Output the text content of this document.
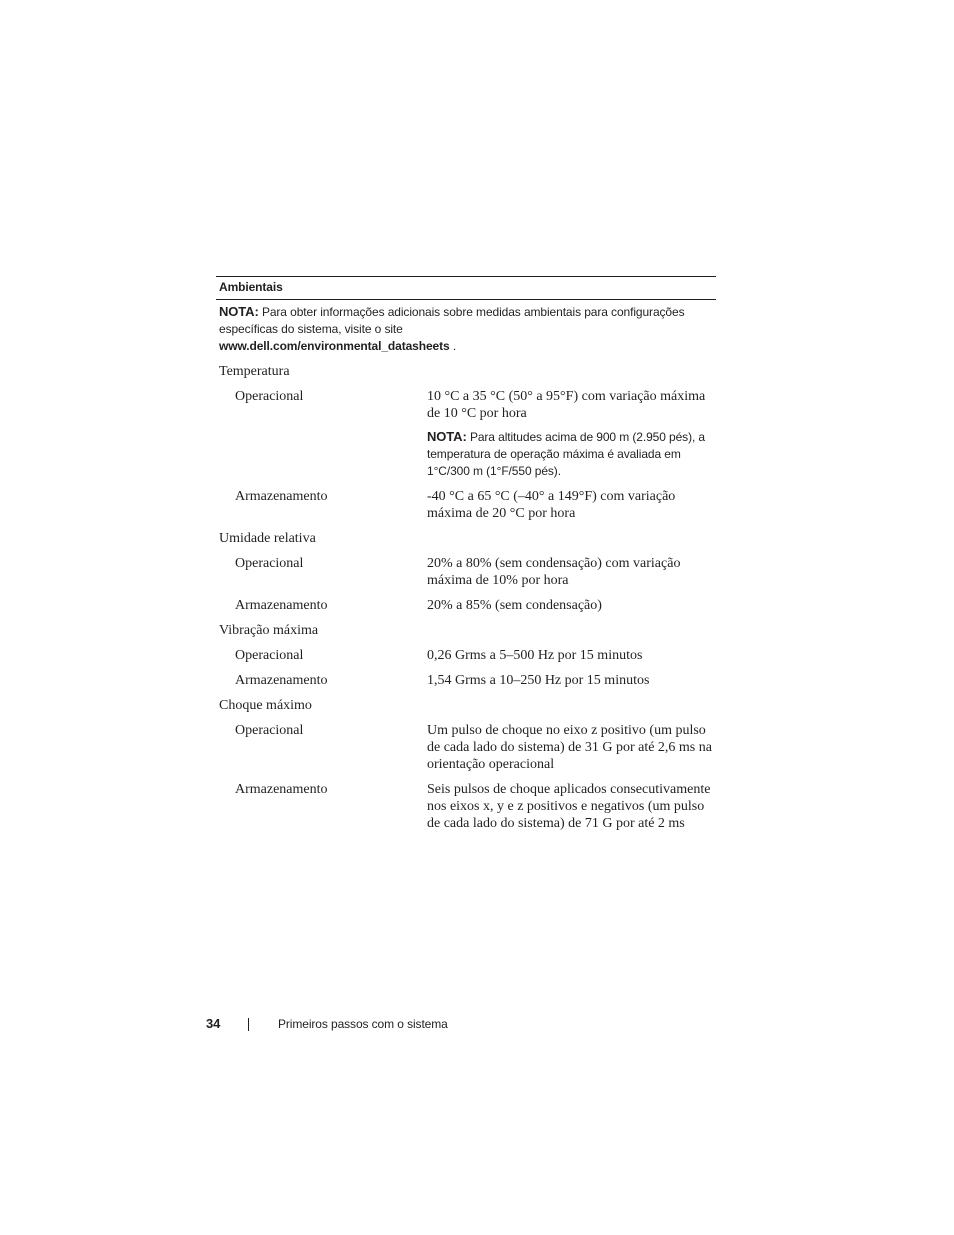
Ambientais
NOTA: Para obter informações adicionais sobre medidas ambientais para configurações específicas do sistema, visite o site
www.dell.com/environmental_datasheets .
Temperatura
Operacional	10 °C a 35 °C (50° a 95°F) com variação máxima de 10 °C por hora
NOTA: Para altitudes acima de 900 m (2.950 pés), a temperatura de operação máxima é avaliada em 1°C/300 m (1°F/550 pés).
Armazenamento	-40 °C a 65 °C (–40° a 149°F) com variação máxima de 20 °C por hora
Umidade relativa
Operacional	20% a 80% (sem condensação) com variação máxima de 10% por hora
Armazenamento	20% a 85% (sem condensação)
Vibração máxima
Operacional	0,26 Grms a 5–500 Hz por 15 minutos
Armazenamento	1,54 Grms a 10–250 Hz por 15 minutos
Choque máximo
Operacional	Um pulso de choque no eixo z positivo (um pulso de cada lado do sistema) de 31 G por até 2,6 ms na orientação operacional
Armazenamento	Seis pulsos de choque aplicados consecutivamente nos eixos x, y e z positivos e negativos (um pulso de cada lado do sistema) de 71 G por até 2 ms
34	Primeiros passos com o sistema
